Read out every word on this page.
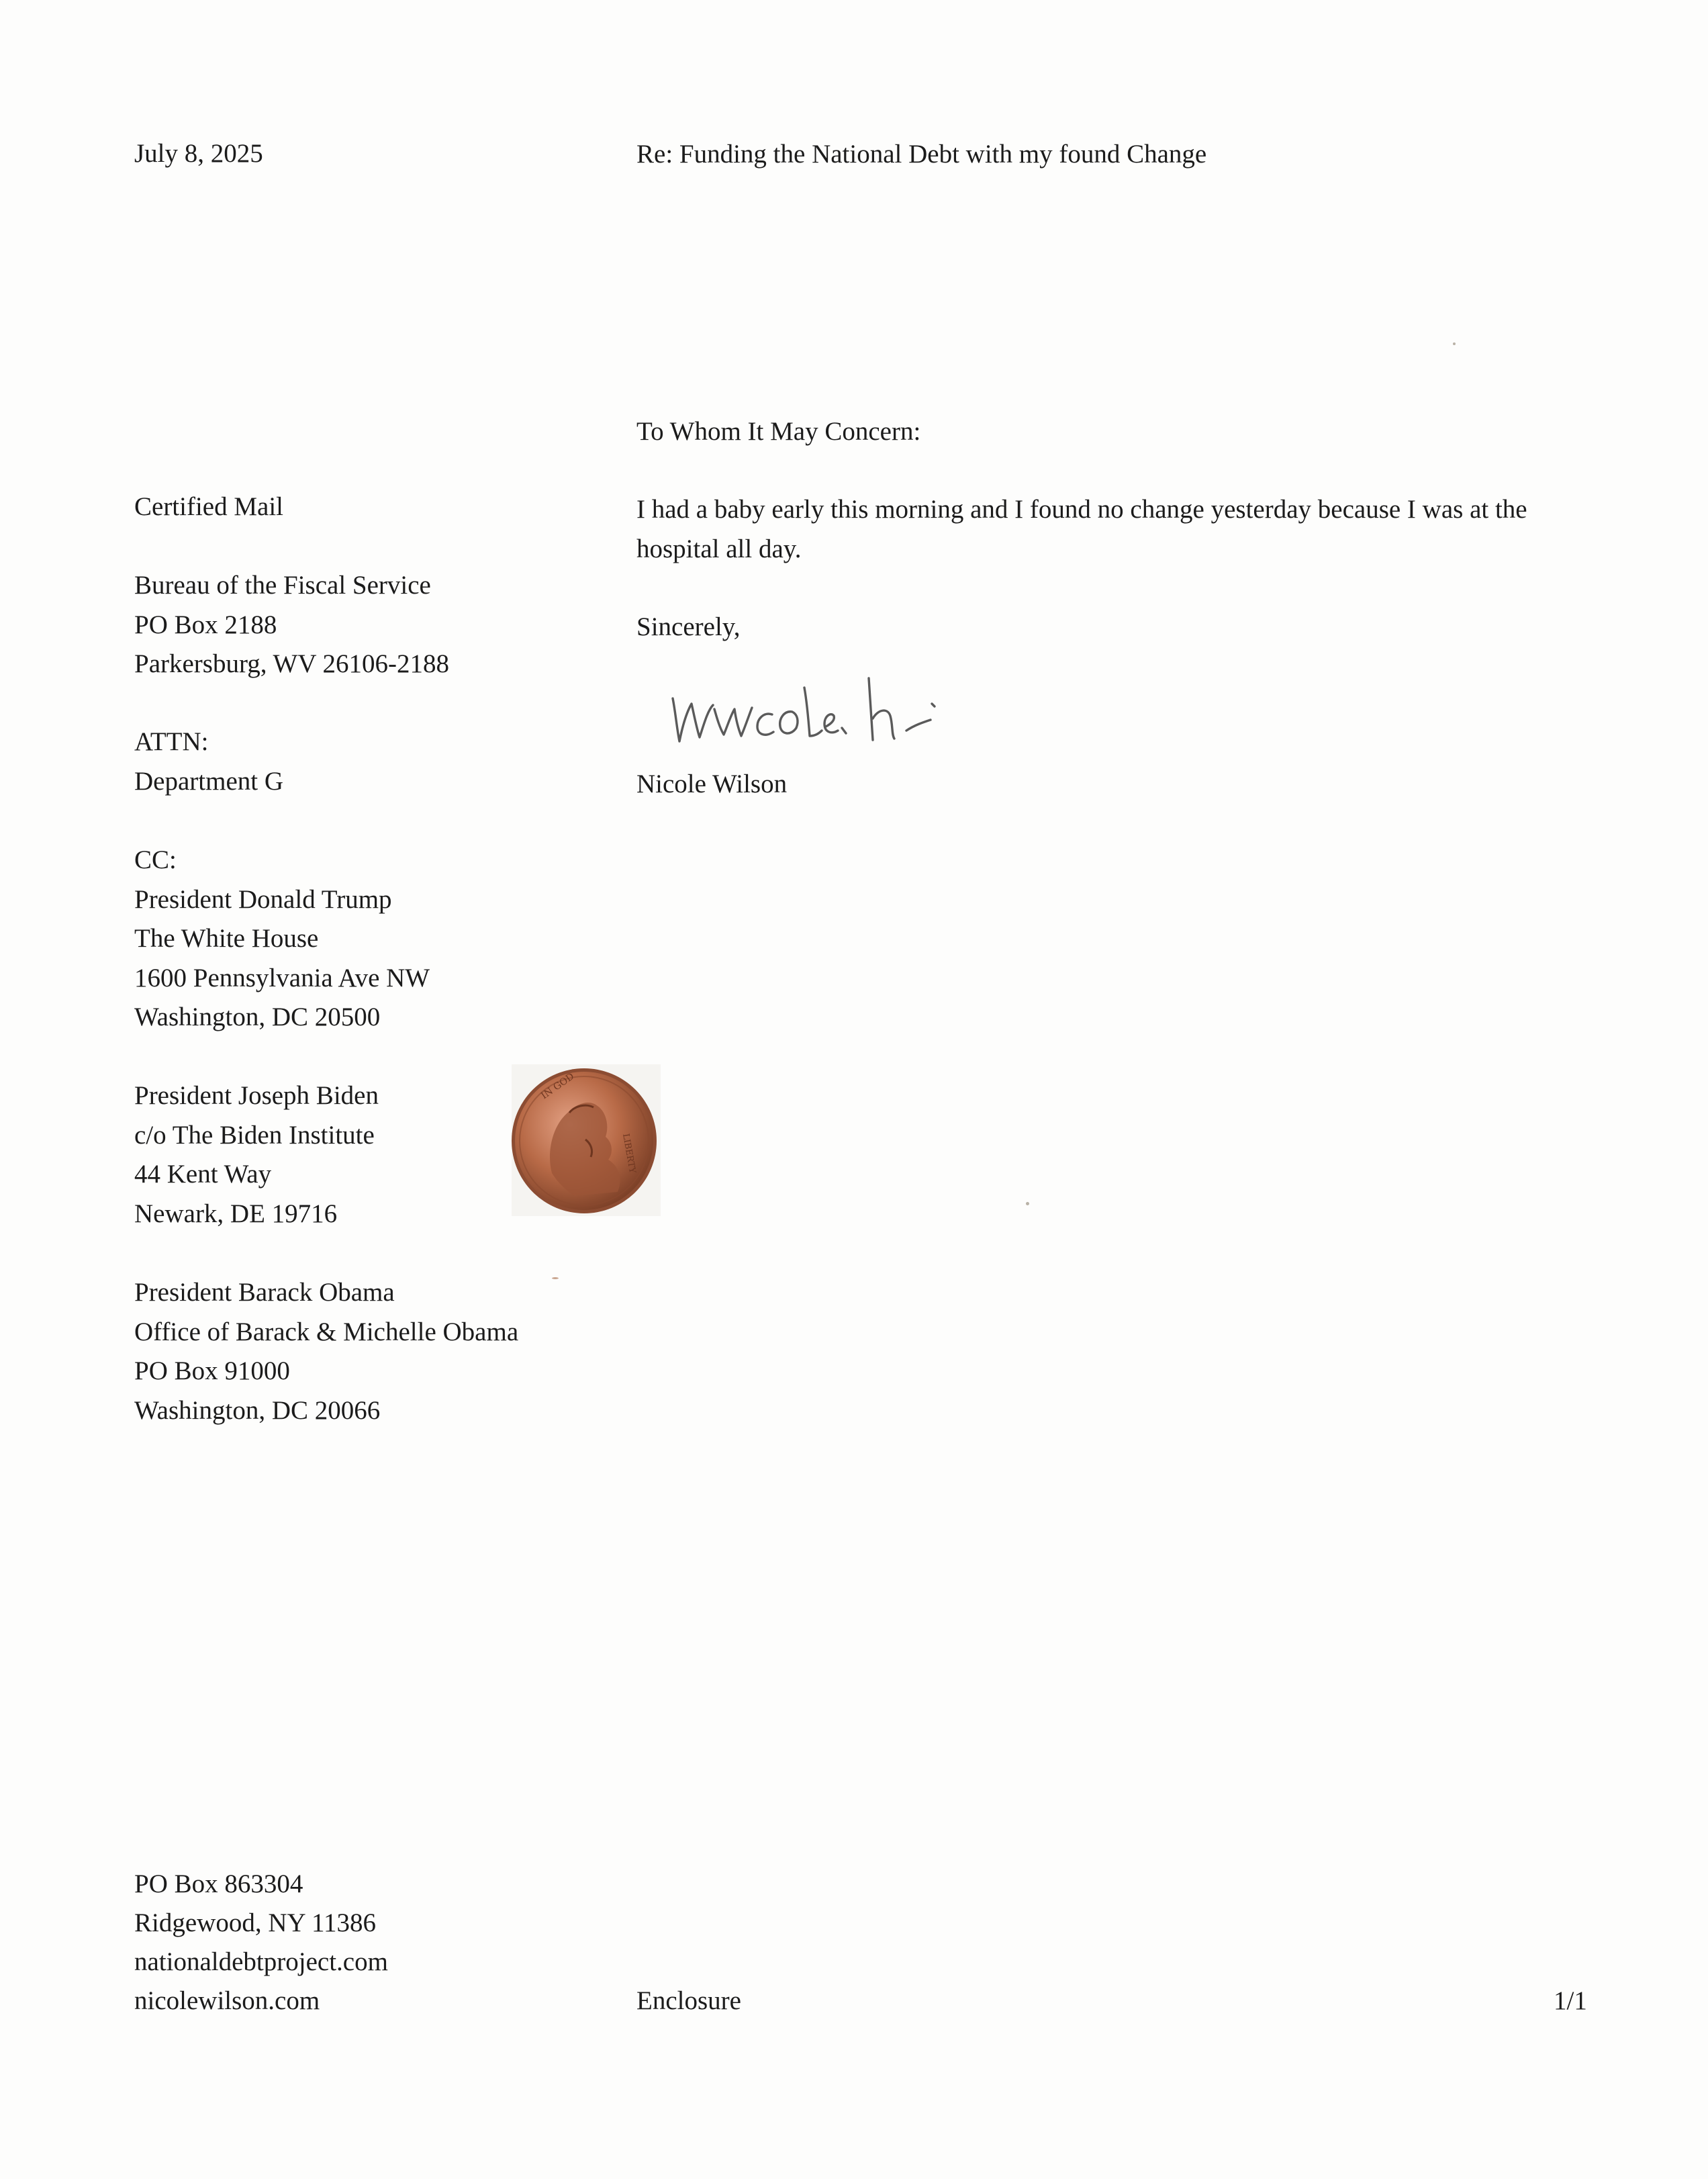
July 8, 2025	Re: Funding the National Debt with my found Change
Certified Mail
Bureau of the Fiscal Service
PO Box 2188
Parkersburg, WV 26106-2188
ATTN:
Department G
CC:
President Donald Trump
The White House
1600 Pennsylvania Ave NW
Washington, DC 20500
President Joseph Biden
c/o The Biden Institute
44 Kent Way
Newark, DE 19716
President Barack Obama
Office of Barack & Michelle Obama
PO Box 91000
Washington, DC 20066
IN GOD
LIBERTY
To Whom It May Concern:
I had a baby early this morning and I found no change yesterday because I was at the hospital all day.
Sincerely,
Nicole Wilson
PO Box 863304
Ridgewood, NY 11386
nationaldebtproject.com
nicolewilson.com	Enclosure	1/1
